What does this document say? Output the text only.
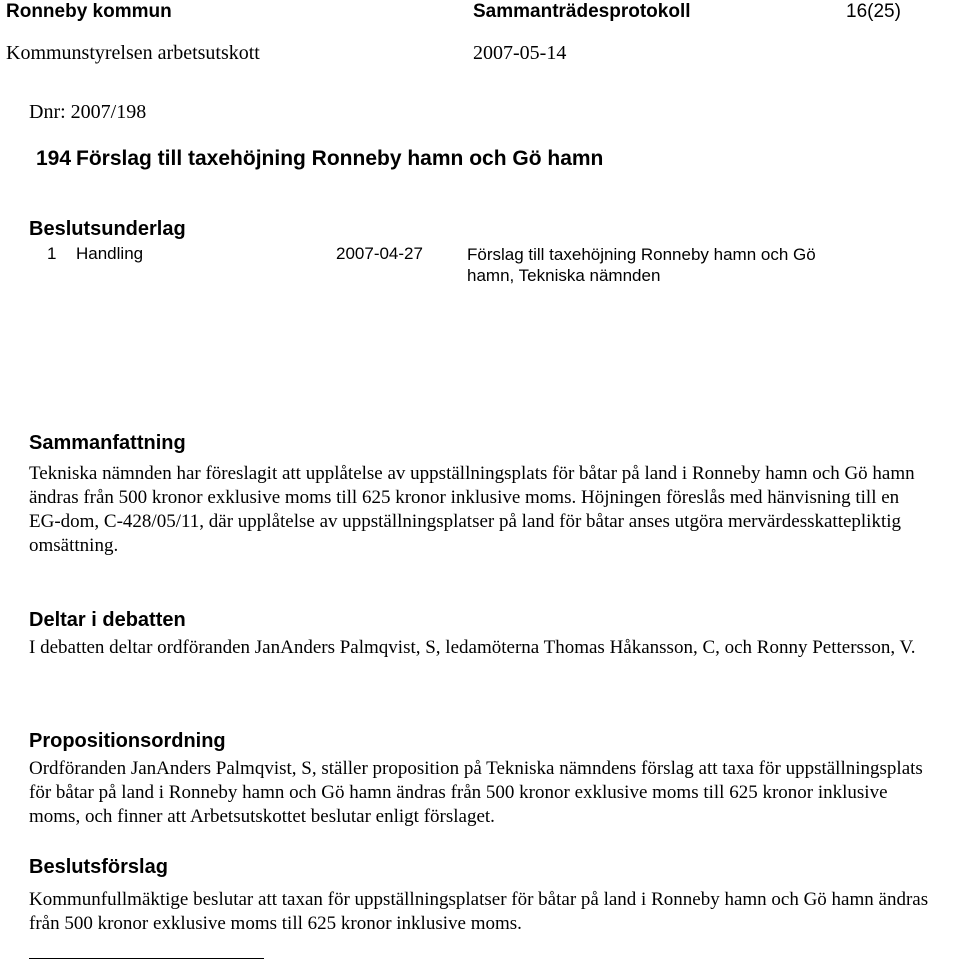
Ronneby kommun	Sammanträdesprotokoll	16(25)
Kommunstyrelsen arbetsutskott	2007-05-14
Dnr: 2007/198
194 Förslag till taxehöjning Ronneby hamn och Gö hamn
Beslutsunderlag
1 Handling	2007-04-27	Förslag till taxehöjning Ronneby hamn och Gö hamn, Tekniska nämnden
Sammanfattning
Tekniska nämnden har föreslagit att upplåtelse av uppställningsplats för båtar på land i Ronneby hamn och Gö hamn ändras från 500 kronor exklusive moms till 625 kronor inklusive moms. Höjningen föreslås med hänvisning till en EG-dom, C-428/05/11, där upplåtelse av uppställningsplatser på land för båtar anses utgöra mervärdesskattepliktig omsättning.
Deltar i debatten
I debatten deltar ordföranden JanAnders Palmqvist, S, ledamöterna Thomas Håkansson, C, och Ronny Pettersson, V.
Propositionsordning
Ordföranden JanAnders Palmqvist, S, ställer proposition på Tekniska nämndens förslag att taxa för uppställningsplats för båtar på land i Ronneby hamn och Gö hamn ändras från 500 kronor exklusive moms till 625 kronor inklusive moms, och finner att Arbetsutskottet beslutar enligt förslaget.
Beslutsförslag
Kommunfullmäktige beslutar att taxan för uppställningsplatser för båtar på land i Ronneby hamn och Gö hamn ändras från 500 kronor exklusive moms till 625 kronor inklusive moms.
